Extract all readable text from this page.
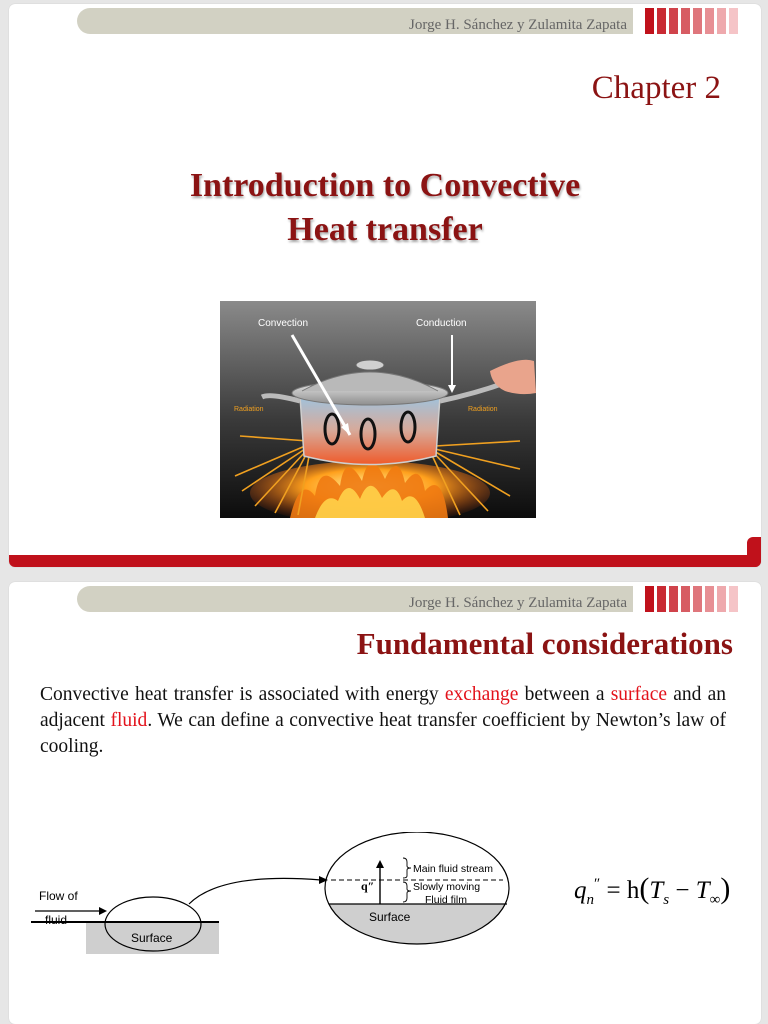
Jorge H. Sánchez y Zulamita Zapata
Chapter 2
Introduction to Convective
Heat transfer
Convection	Conduction
Radiation	Radiation
Jorge H. Sánchez y Zulamita Zapata
Fundamental considerations
Convective heat transfer is associated with energy exchange between a surface and an adjacent fluid. We can define a convective heat transfer coefficient by Newton’s law of cooling.
Flow of
fluid
Surface
q″
Main fluid stream
Slowly moving
Fluid film
Surface
$q_n'' = h(T_s - T_\infty)$
